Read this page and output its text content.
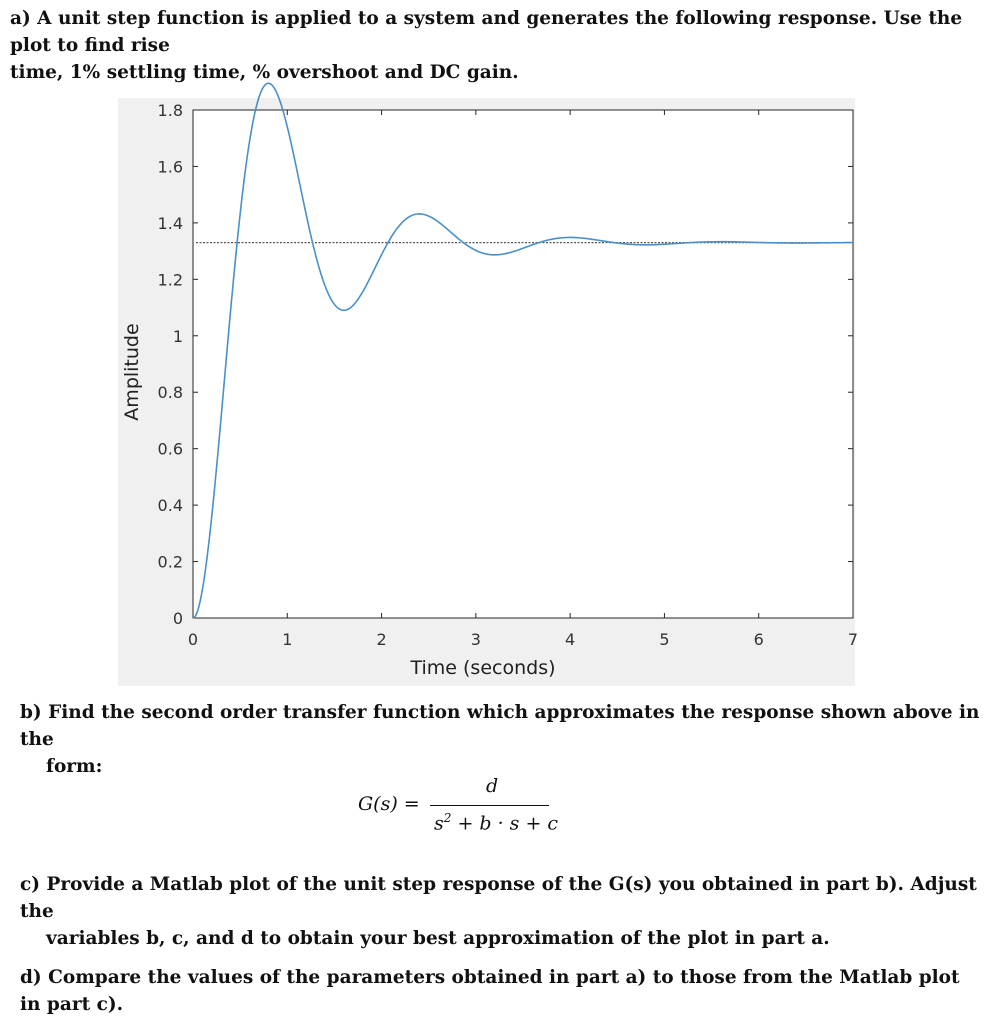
a) A unit step function is applied to a system and generates the following response. Use the plot to find rise
time, 1% settling time, % overshoot and DC gain.
0	1	2	3	4	5	6	7
0
0.2
0.4
0.6
0.8
1
1.2
1.4
1.6
1.8
Time (seconds)
Amplitude
b) Find the second order transfer function which approximates the response shown above in the
form:
G(s) =
d
$s^2 + b \cdot s + c$
c) Provide a Matlab plot of the unit step response of the G(s) you obtained in part b). Adjust the
variables b, c, and d to obtain your best approximation of the plot in part a.
d) Compare the values of the parameters obtained in part a) to those from the Matlab plot in part c).
